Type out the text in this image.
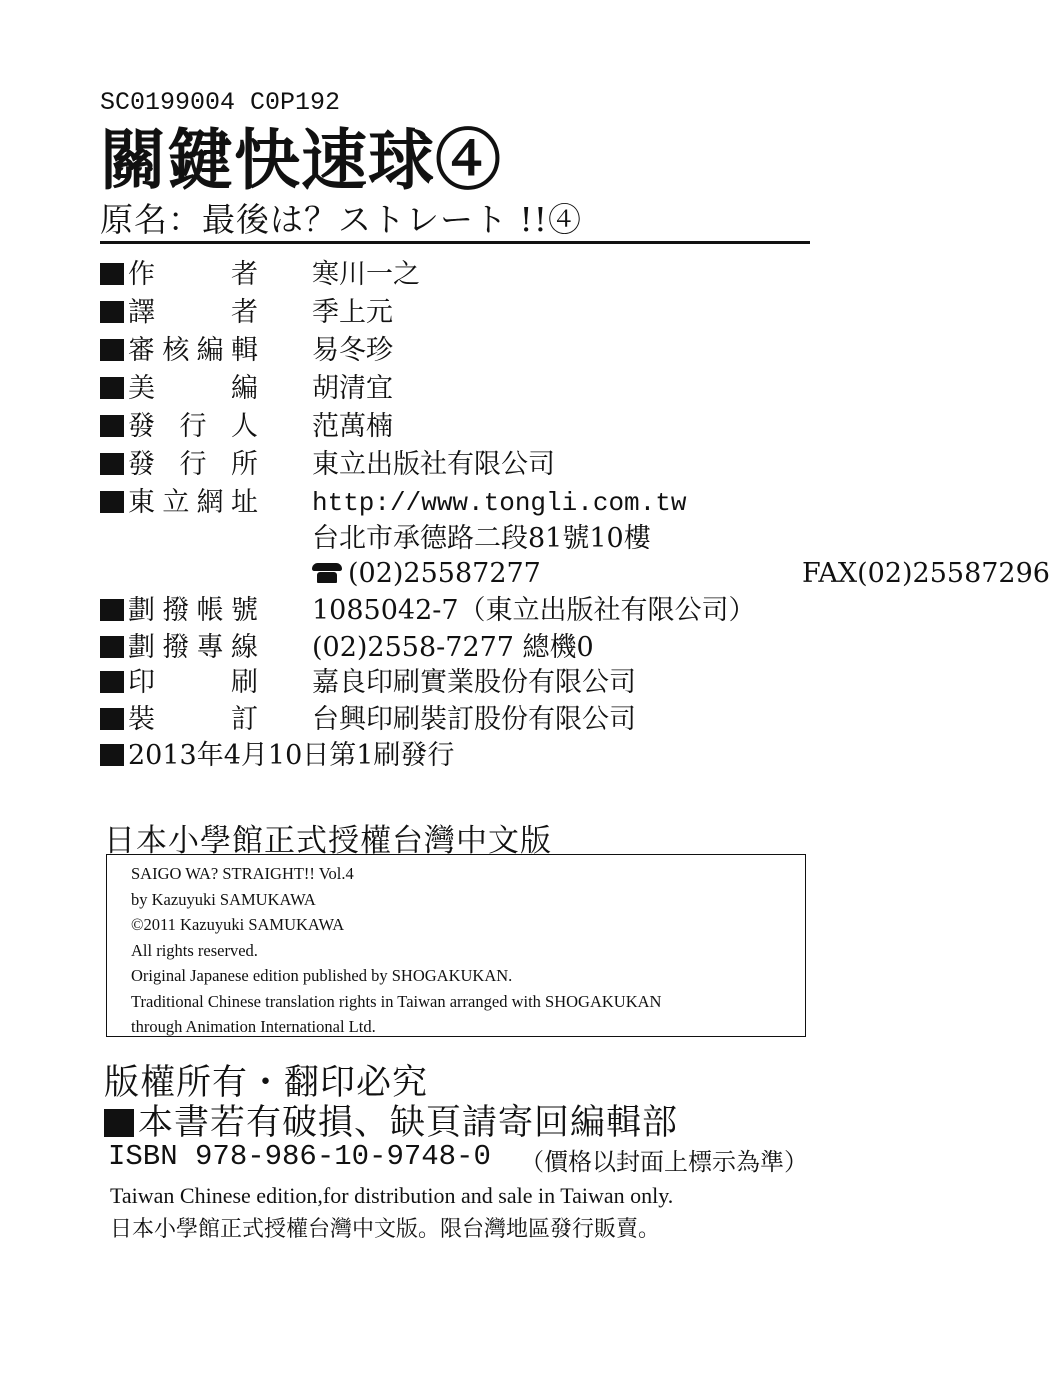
SC0199004 C0P192
關鍵快速球④
原名：最後は？ストレート !!④
作　者 寒川一之
譯　者 季上元
審核編輯 易冬珍
美　編 胡清宜
發行人 范萬楠
發行所 東立出版社有限公司
東立網址 http://www.tongli.com.tw
台北市承德路二段81號10樓
(02)25587277	FAX(02)25587296
劃撥帳號 1085042-7（東立出版社有限公司）
劃撥專線 (02)2558-7277 總機0
印　刷 嘉良印刷實業股份有限公司
裝　訂 台興印刷裝訂股份有限公司
2013年4月10日第1刷發行
日本小學館正式授權台灣中文版
SAIGO WA? STRAIGHT!! Vol.4
by Kazuyuki SAMUKAWA
©2011 Kazuyuki SAMUKAWA
All rights reserved.
Original Japanese edition published by SHOGAKUKAN.
Traditional Chinese translation rights in Taiwan arranged with SHOGAKUKAN
through Animation International Ltd.
版權所有・翻印必究
本書若有破損、缺頁請寄回編輯部
ISBN 978-986-10-9748-0 （價格以封面上標示為準）
Taiwan Chinese edition,for distribution and sale in Taiwan only.
日本小學館正式授權台灣中文版。限台灣地區發行販賣。
